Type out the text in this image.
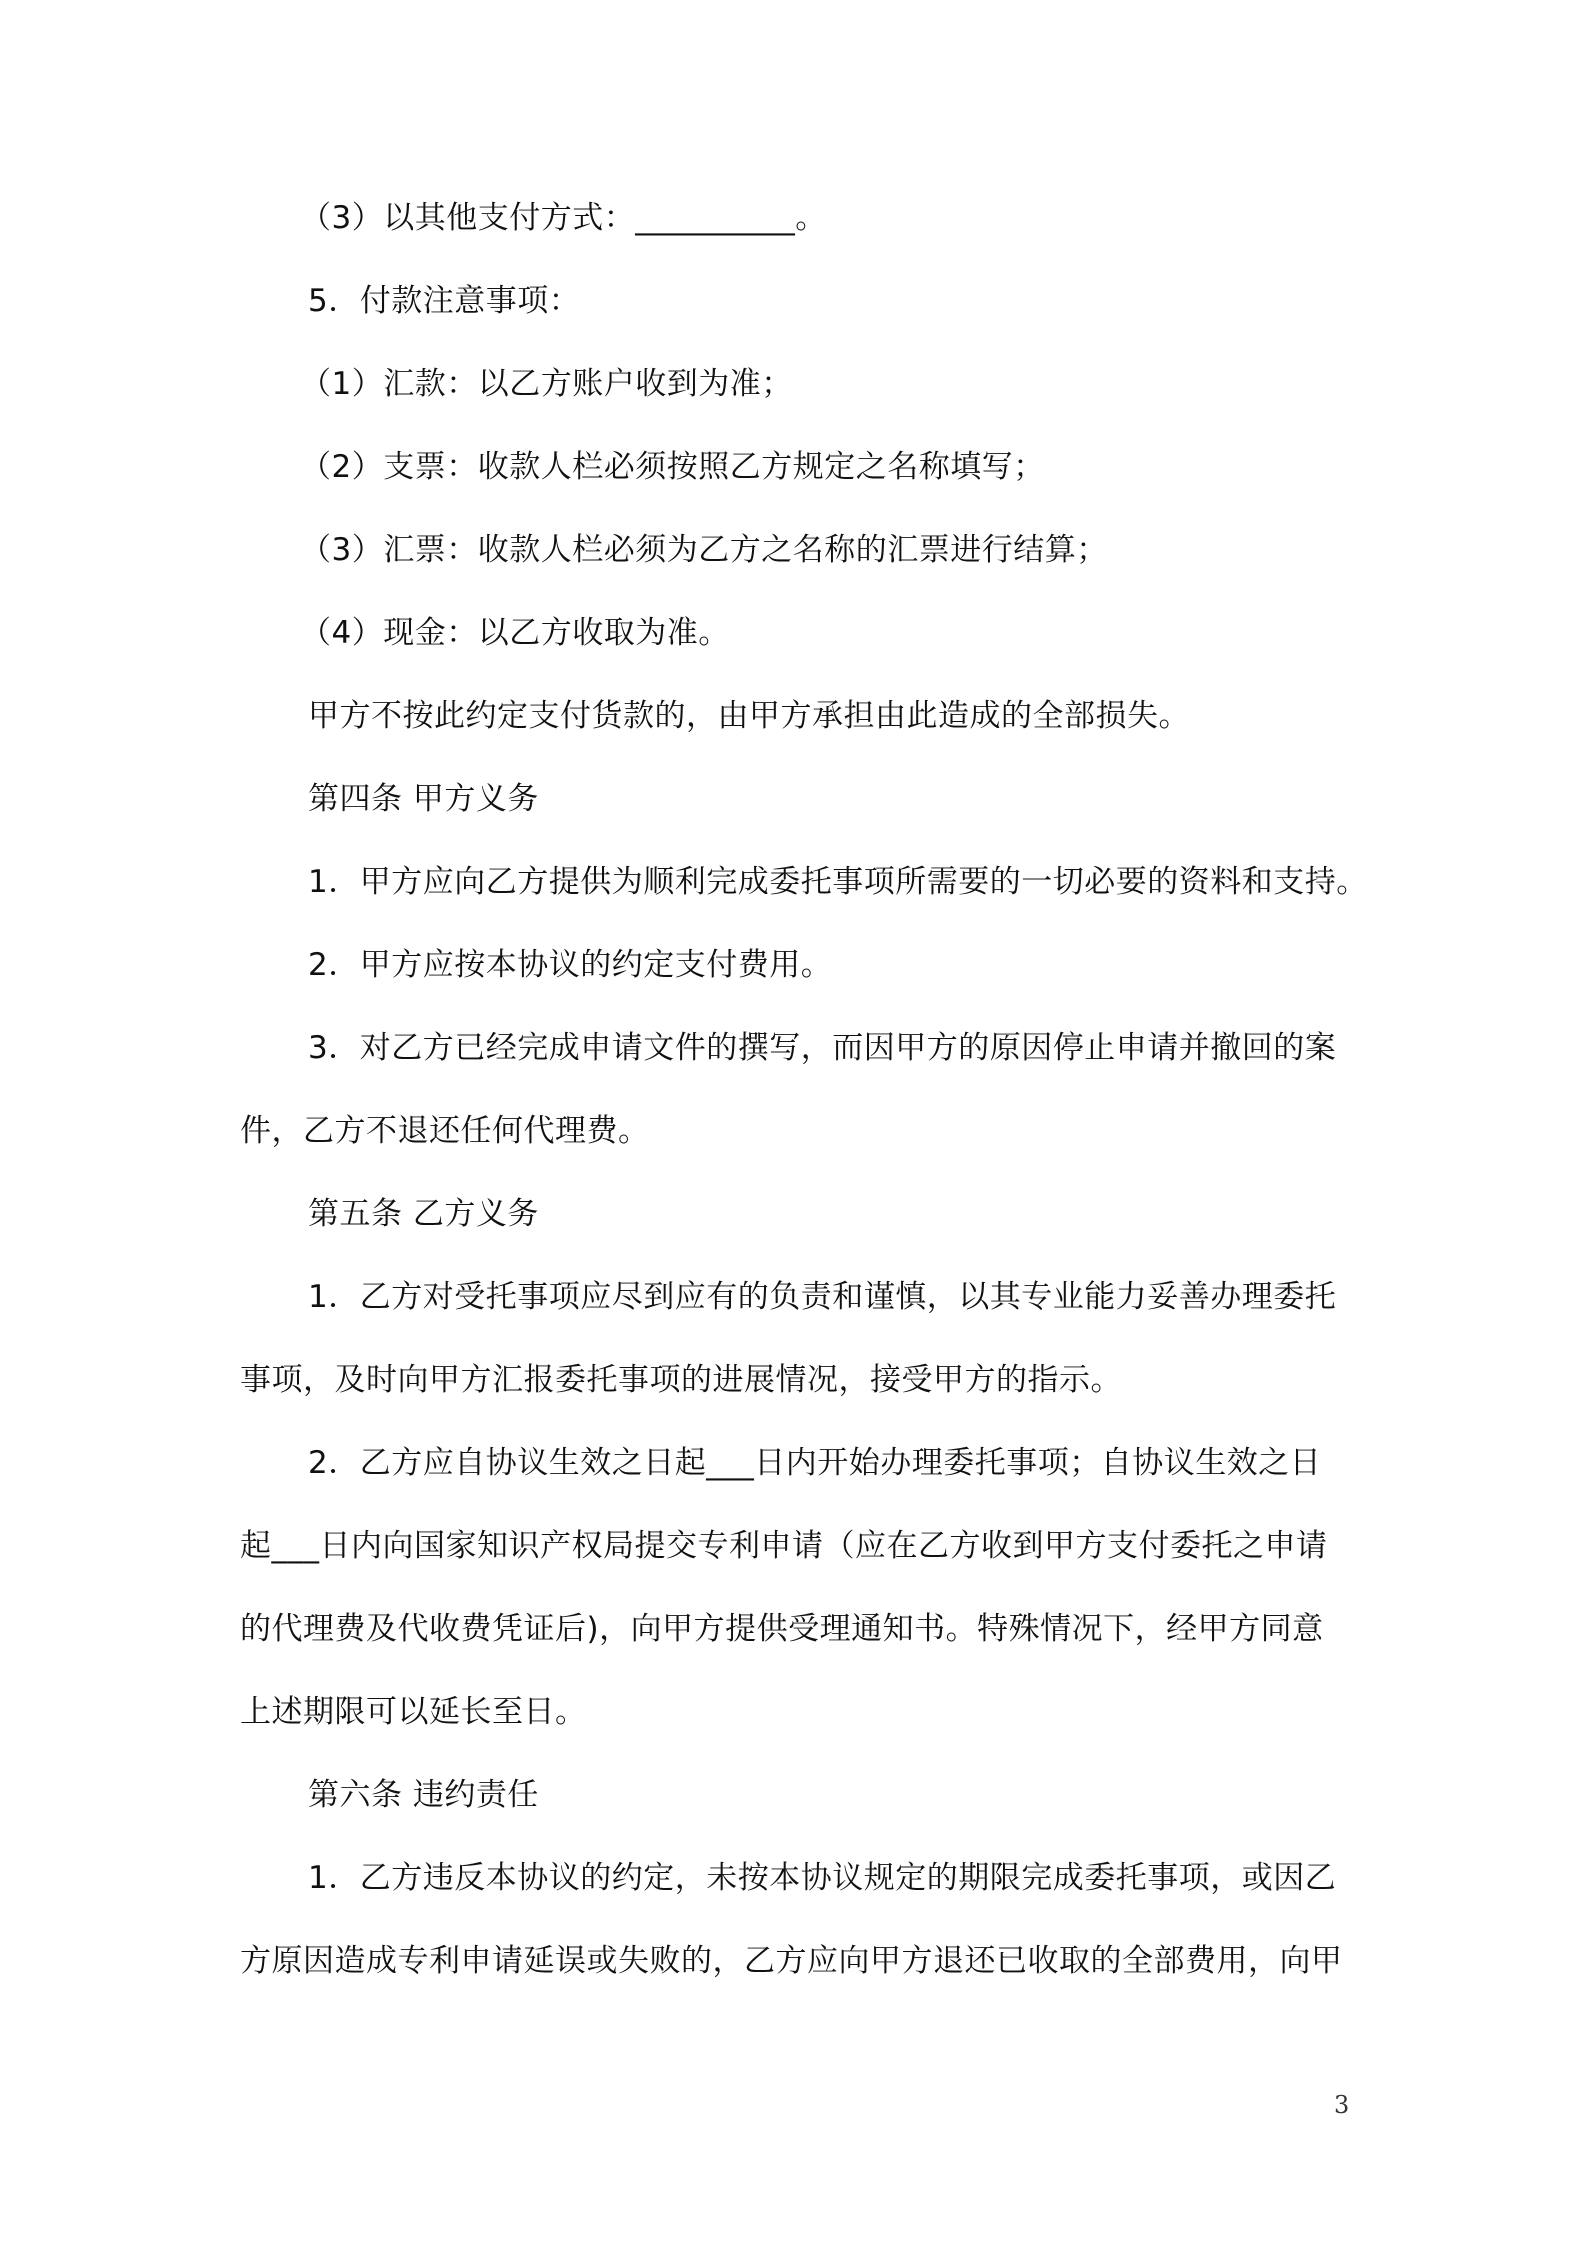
（3）以其他支付方式：__________。
5．付款注意事项：
（1）汇款：以乙方账户收到为准；
（2）支票：收款人栏必须按照乙方规定之名称填写；
（3）汇票：收款人栏必须为乙方之名称的汇票进行结算；
（4）现金：以乙方收取为准。
甲方不按此约定支付货款的，由甲方承担由此造成的全部损失。
第四条 甲方义务
1．甲方应向乙方提供为顺利完成委托事项所需要的一切必要的资料和支持。
2．甲方应按本协议的约定支付费用。
3．对乙方已经完成申请文件的撰写，而因甲方的原因停止申请并撤回的案
件，乙方不退还任何代理费。
第五条 乙方义务
1．乙方对受托事项应尽到应有的负责和谨慎，以其专业能力妥善办理委托
事项，及时向甲方汇报委托事项的进展情况，接受甲方的指示。
2．乙方应自协议生效之日起___日内开始办理委托事项；自协议生效之日
起___日内向国家知识产权局提交专利申请（应在乙方收到甲方支付委托之申请
的代理费及代收费凭证后)，向甲方提供受理通知书。特殊情况下，经甲方同意
上述期限可以延长至日。
第六条 违约责任
1．乙方违反本协议的约定，未按本协议规定的期限完成委托事项，或因乙
方原因造成专利申请延误或失败的，乙方应向甲方退还已收取的全部费用，向甲
3
